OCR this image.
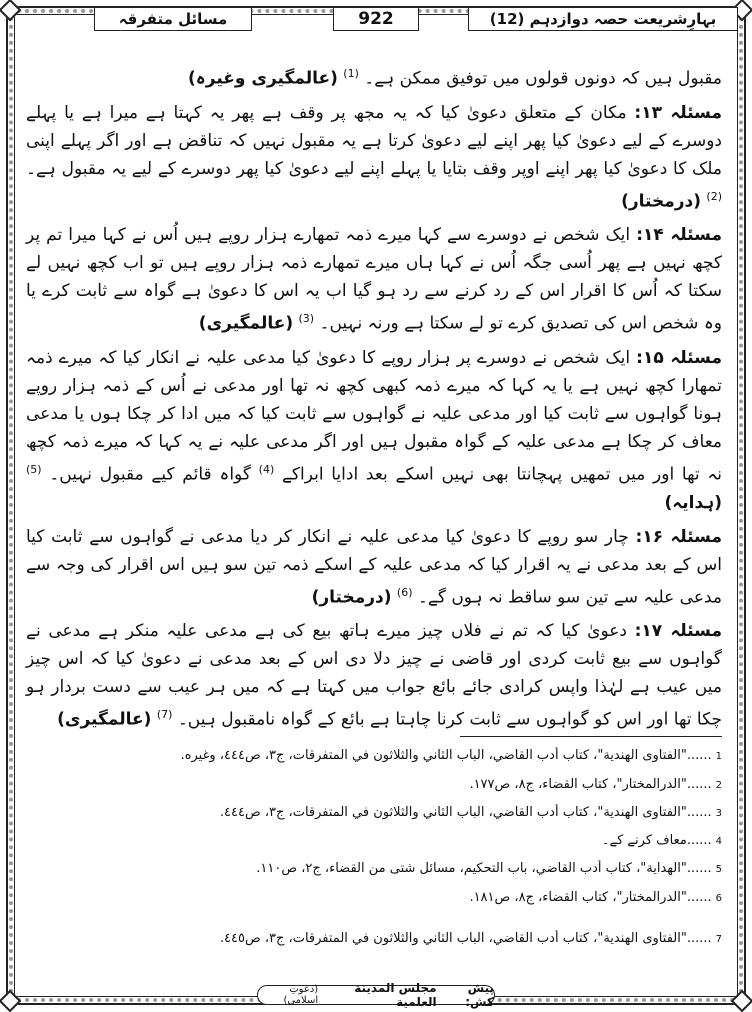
بہارِشریعت حصہ دوازدہم (12)
922
مسائل متفرقہ

مقبول ہیں کہ دونوں قولوں میں توفیق ممکن ہے۔ $^{(1)}$ (عالمگیری وغیرہ)

مسئلہ ۱۳: مکان کے متعلق دعویٰ کیا کہ یہ مجھ پر وقف ہے پھر یہ کہتا ہے میرا ہے یا پہلے دوسرے کے لیے دعویٰ کیا پھر اپنے لیے دعویٰ کرتا ہے یہ مقبول نہیں کہ تناقض ہے اور اگر پہلے اپنی ملک کا دعویٰ کیا پھر اپنے اوپر وقف بتایا یا پہلے اپنے لیے دعویٰ کیا پھر دوسرے کے لیے یہ مقبول ہے۔ $^{(2)}$ (درمختار)

مسئلہ ۱۴: ایک شخص نے دوسرے سے کہا میرے ذمہ تمھارے ہزار روپے ہیں اُس نے کہا میرا تم پر کچھ نہیں ہے پھر اُسی جگہ اُس نے کہا ہاں میرے تمھارے ذمہ ہزار روپے ہیں تو اب کچھ نہیں لے سکتا کہ اُس کا اقرار اس کے رد کرنے سے رد ہو گیا اب یہ اس کا دعویٰ ہے گواہ سے ثابت کرے یا وہ شخص اس کی تصدیق کرے تو لے سکتا ہے ورنہ نہیں۔ $^{(3)}$ (عالمگیری)

مسئلہ ۱۵: ایک شخص نے دوسرے پر ہزار روپے کا دعویٰ کیا مدعی علیہ نے انکار کیا کہ میرے ذمہ تمھارا کچھ نہیں ہے یا یہ کہا کہ میرے ذمہ کبھی کچھ نہ تھا اور مدعی نے اُس کے ذمہ ہزار روپے ہونا گواہوں سے ثابت کیا اور مدعی علیہ نے گواہوں سے ثابت کیا کہ میں ادا کر چکا ہوں یا مدعی معاف کر چکا ہے مدعی علیہ کے گواہ مقبول ہیں اور اگر مدعی علیہ نے یہ کہا کہ میرے ذمہ کچھ نہ تھا اور میں تمھیں پہچانتا بھی نہیں اسکے بعد ادایا ابراکے $^{(4)}$ گواہ قائم کیے مقبول نہیں۔ $^{(5)}$ (ہدایہ)

مسئلہ ۱۶: چار سو روپے کا دعویٰ کیا مدعی علیہ نے انکار کر دیا مدعی نے گواہوں سے ثابت کیا اس کے بعد مدعی نے یہ اقرار کیا کہ مدعی علیہ کے اسکے ذمہ تین سو ہیں اس اقرار کی وجہ سے مدعی علیہ سے تین سو ساقط نہ ہوں گے۔ $^{(6)}$ (درمختار)

مسئلہ ۱۷: دعویٰ کیا کہ تم نے فلاں چیز میرے ہاتھ بیع کی ہے مدعی علیہ منکر ہے مدعی نے گواہوں سے بیع ثابت کردی اور قاضی نے چیز دلا دی اس کے بعد مدعی نے دعویٰ کیا کہ اس چیز میں عیب ہے لہٰذا واپس کرادی جائے بائع جواب میں کہتا ہے کہ میں ہر عیب سے دست بردار ہو چکا تھا اور اس کو گواہوں سے ثابت کرنا چاہتا ہے بائع کے گواہ نامقبول ہیں۔ $^{(7)}$ (عالمگیری)

1......"الفتاوی الهندية"، كتاب أدب القاضي، الباب الثاني والثلاثون في المتفرقات، ج٣، ص٤٤٤، وغيره.
2......"الدرالمختار"، كتاب القضاء، ج٨، ص١٧٧.
3......"الفتاوی الهندية"، كتاب أدب القاضي، الباب الثاني والثلاثون في المتفرقات، ج٣، ص٤٤٤.
4......معاف کرنے کے۔
5......"الهداية"، كتاب أدب القاضي، باب التحكيم، مسائل شتى من القضاء، ج٢، ص١١٠.
6......"الدرالمختار"، كتاب القضاء، ج٨، ص١٨١.
7......"الفتاوی الهندية"، كتاب أدب القاضي، الباب الثاني والثلاثون في المتفرقات، ج٣، ص٤٤٥.
پیش کش:
مجلس المدینة العلمیة
(دعوتِ اسلامی)
